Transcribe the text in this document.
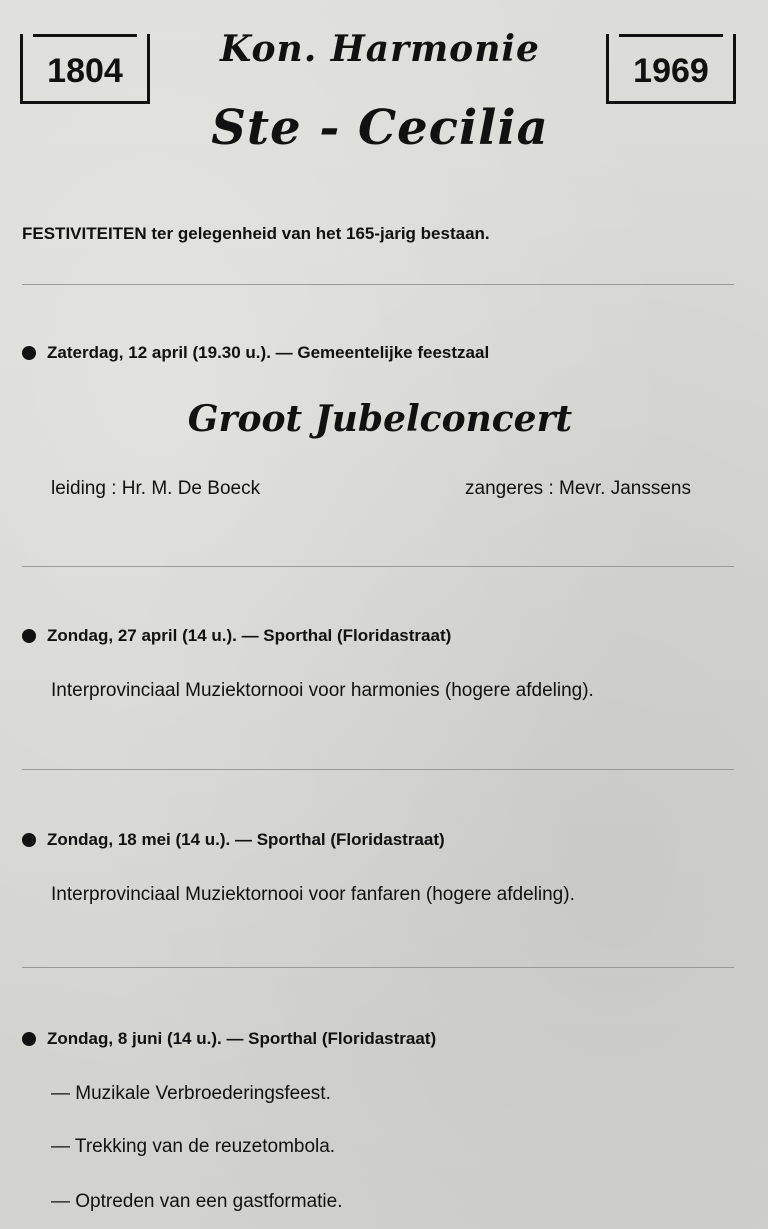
1804
Kon. Harmonie
Ste - Cecilia
1969
FESTIVITEITEN ter gelegenheid van het 165-jarig bestaan.
Zaterdag, 12 april (19.30 u.). — Gemeentelijke feestzaal
Groot Jubelconcert
leiding : Hr. M. De Boeck	zangeres : Mevr. Janssens
Zondag, 27 april (14 u.). — Sporthal (Floridastraat)
Interprovinciaal Muziektornooi voor harmonies (hogere afdeling).
Zondag, 18 mei (14 u.). — Sporthal (Floridastraat)
Interprovinciaal Muziektornooi voor fanfaren (hogere afdeling).
Zondag, 8 juni (14 u.). — Sporthal (Floridastraat)
— Muzikale Verbroederingsfeest.
— Trekking van de reuzetombola.
— Optreden van een gastformatie.
